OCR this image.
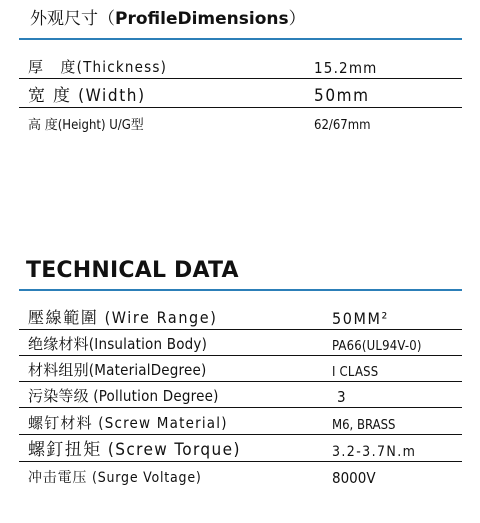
外观尺寸（ProfileDimensions）
厚　度(Thickness)	15.2mm
宽 度 (Width)	50mm
高 度(Height) U/G型	62/67mm
TECHNICAL DATA
壓線範圍 (Wire Range)	50MM²
绝缘材料(Insulation Body)	PA66(UL94V-0)
材料组别(MaterialDegree)	I CLASS
污染等级 (Pollution Degree)	3
螺钉材料 (Screw Material)	M6, BRASS
螺釘扭矩 (Screw Torque)	3.2-3.7N.m
冲击電压 (Surge Voltage)	8000V
